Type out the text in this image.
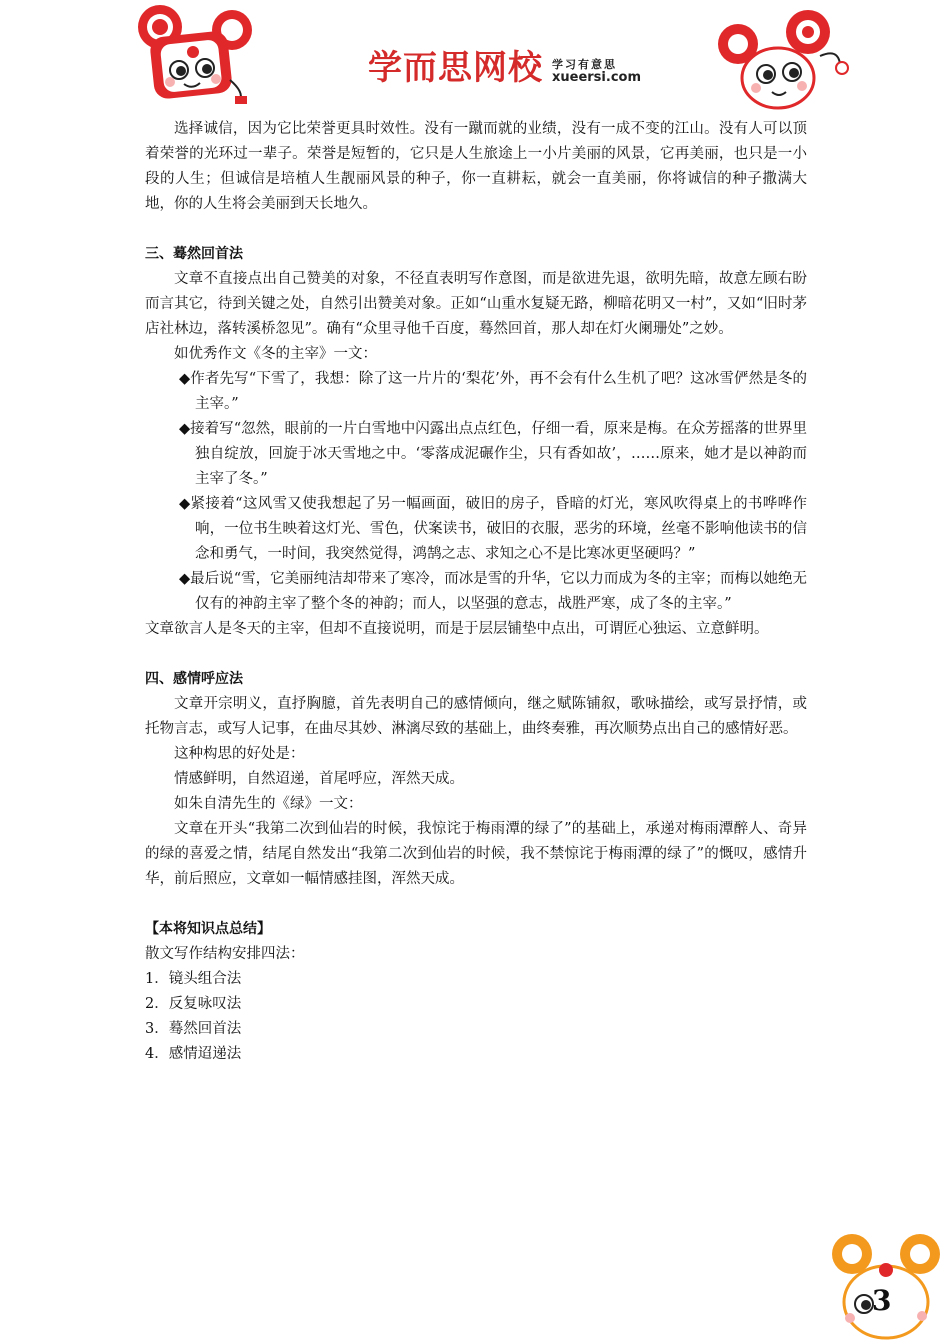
学而思网校 学习有意思
xueersi.com

选择诚信，因为它比荣誉更具时效性。没有一蹴而就的业绩，没有一成不变的江山。没有人可以顶着荣誉的光环过一辈子。荣誉是短暂的，它只是人生旅途上一小片美丽的风景，它再美丽，也只是一小段的人生；但诚信是培植人生靓丽风景的种子，你一直耕耘，就会一直美丽，你将诚信的种子撒满大地，你的人生将会美丽到天长地久。

三、蓦然回首法

文章不直接点出自己赞美的对象，不径直表明写作意图，而是欲进先退，欲明先暗，故意左顾右盼而言其它，待到关键之处，自然引出赞美对象。正如“山重水复疑无路，柳暗花明又一村”，又如“旧时茅店社林边，落转溪桥忽见”。确有“众里寻他千百度，蓦然回首，那人却在灯火阑珊处”之妙。

如优秀作文《冬的主宰》一文：

◆作者先写“下雪了，我想：除了这一片片的‘梨花’外，再不会有什么生机了吧？这冰雪俨然是冬的主宰。”

◆接着写“忽然，眼前的一片白雪地中闪露出点点红色，仔细一看，原来是梅。在众芳摇落的世界里独自绽放，回旋于冰天雪地之中。‘零落成泥碾作尘，只有香如故’，……原来，她才是以神韵而主宰了冬。”

◆紧接着“这风雪又使我想起了另一幅画面，破旧的房子，昏暗的灯光，寒风吹得桌上的书哗哗作响，一位书生映着这灯光、雪色，伏案读书，破旧的衣服，恶劣的环境，丝毫不影响他读书的信念和勇气，一时间，我突然觉得，鸿鹄之志、求知之心不是比寒冰更坚硬吗？”

◆最后说“雪，它美丽纯洁却带来了寒冷，而冰是雪的升华，它以力而成为冬的主宰；而梅以她绝无仅有的神韵主宰了整个冬的神韵；而人，以坚强的意志，战胜严寒，成了冬的主宰。”

文章欲言人是冬天的主宰，但却不直接说明，而是于层层铺垫中点出，可谓匠心独运、立意鲜明。

四、感情呼应法

文章开宗明义，直抒胸臆，首先表明自己的感情倾向，继之赋陈铺叙，歌咏描绘，或写景抒情，或托物言志，或写人记事，在曲尽其妙、淋漓尽致的基础上，曲终奏雅，再次顺势点出自己的感情好恶。

这种构思的好处是：

情感鲜明，自然迢递，首尾呼应，浑然天成。

如朱自清先生的《绿》一文：

文章在开头“我第二次到仙岩的时候，我惊诧于梅雨潭的绿了”的基础上，承递对梅雨潭醉人、奇异的绿的喜爱之情，结尾自然发出“我第二次到仙岩的时候，我不禁惊诧于梅雨潭的绿了”的慨叹，感情升华，前后照应，文章如一幅情感挂图，浑然天成。

【本将知识点总结】

散文写作结构安排四法：

1．镜头组合法

2．反复咏叹法

3．蓦然回首法

4．感情迢递法

3
